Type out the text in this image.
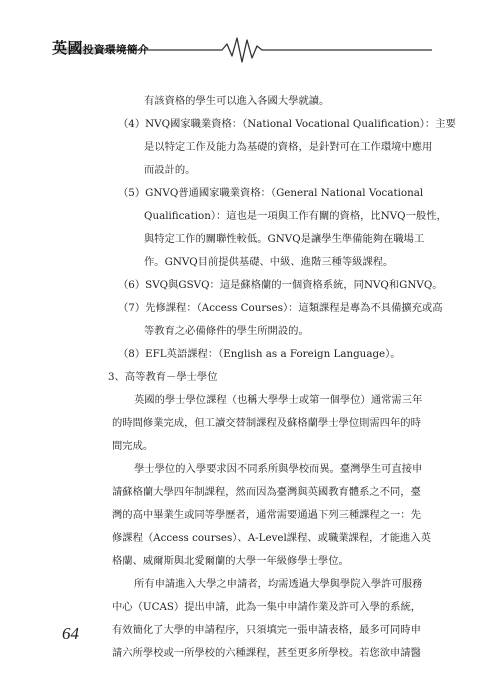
英國投資環境簡介
有該資格的學生可以進入各國大學就讀。
（4）NVQ國家職業資格：（National Vocational Qualification）：主要
是以特定工作及能力為基礎的資格，是針對可在工作環境中應用
而設計的。
（5）GNVQ普通國家職業資格：（General National Vocational
Qualification）：這也是一項與工作有關的資格，比NVQ一般性，
與特定工作的關聯性較低。GNVQ是讓學生準備能夠在職場工
作。GNVQ目前提供基礎、中級、進階三種等級課程。
（6）SVQ與GSVQ：這是蘇格蘭的一個資格系統，同NVQ和GNVQ。
（7）先修課程：（Access Courses）：這類課程是專為不具備擴充或高
等教育之必備條件的學生所開設的。
（8）EFL英語課程：（English as a Foreign Language）。
3、高等教育－學士學位
英國的學士學位課程（也稱大學學士或第一個學位）通常需三年
的時間修業完成，但工讀交替制課程及蘇格蘭學士學位則需四年的時
間完成。
學士學位的入學要求因不同系所與學校而異。臺灣學生可直接申
請蘇格蘭大學四年制課程，然而因為臺灣與英國教育體系之不同，臺
灣的高中畢業生或同等學歷者，通常需要通過下列三種課程之一：先
修課程（Access courses）、A-Level課程、或職業課程，才能進入英
格蘭、威爾斯與北愛爾蘭的大學一年級修學士學位。
所有申請進入大學之申請者，均需透過大學與學院入學許可服務
中心（UCAS）提出申請，此為一集中申請作業及許可入學的系統，
有效簡化了大學的申請程序，只須填完一張申請表格，最多可同時申
請六所學校或一所學校的六種課程，甚至更多所學校。若您欲申請醫
64
